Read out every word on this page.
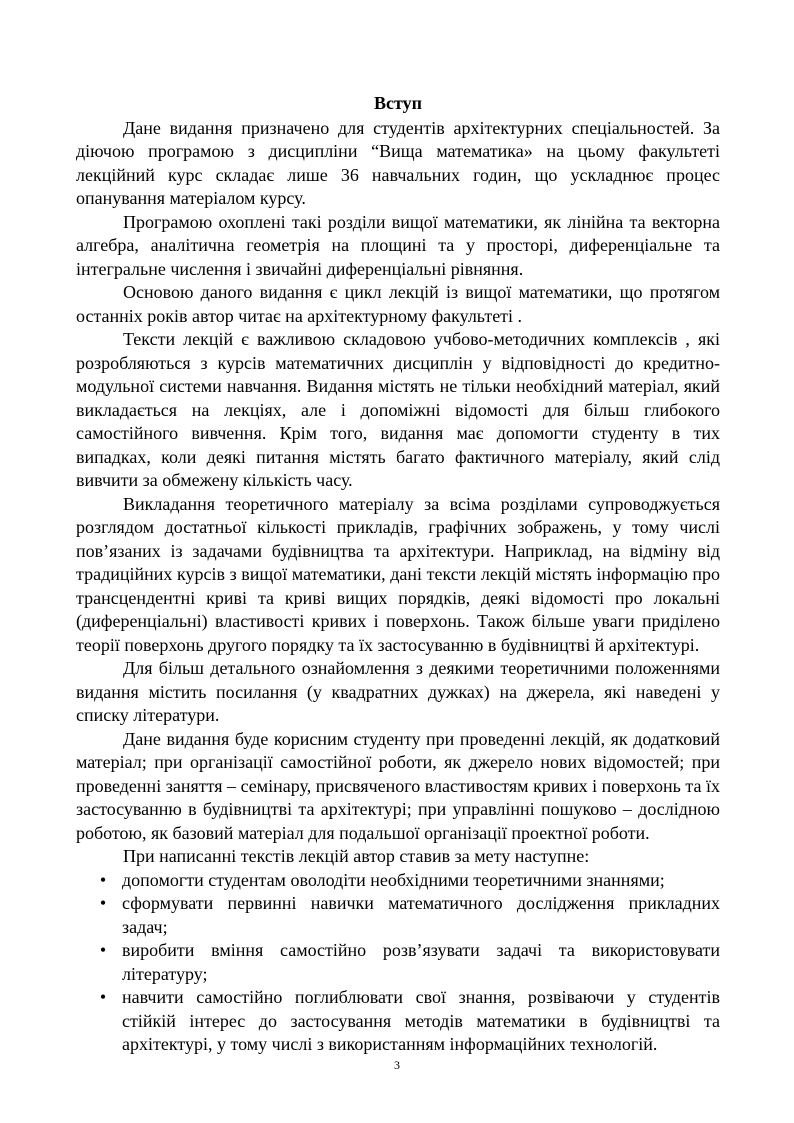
Вступ

Дане видання призначено для студентів архітектурних спеціальностей. За діючою програмою з дисципліни “Вища математика» на цьому факультеті лекційний курс складає лише 36 навчальних годин, що ускладнює процес опанування матеріалом курсу.

Програмою охоплені такі розділи вищої математики, як лінійна та векторна алгебра, аналітична геометрія на площині та у просторі, диференціальне та інтегральне числення і звичайні диференціальні рівняння.

Основою даного видання є цикл лекцій із вищої математики, що протягом останніх років автор читає на архітектурному факультеті .

Тексти лекцій є важливою складовою учбово-методичних комплексів , які розробляються з курсів математичних дисциплін у відповідності до кредитно-модульної системи навчання. Видання містять не тільки необхідний матеріал, який викладається на лекціях, але і допоміжні відомості для більш глибокого самостійного вивчення. Крім того, видання має допомогти студенту в тих випадках, коли деякі питання містять багато фактичного матеріалу, який слід вивчити за обмежену кількість часу.

Викладання теоретичного матеріалу за всіма розділами супроводжується розглядом достатньої кількості прикладів, графічних зображень, у тому числі пов’язаних із задачами будівництва та архітектури. Наприклад, на відміну від традиційних курсів з вищої математики, дані тексти лекцій містять інформацію про трансцендентні криві та криві вищих порядків, деякі відомості про локальні (диференціальні) властивості кривих і поверхонь. Також більше уваги приділено теорії поверхонь другого порядку та їх застосуванню в будівництві й архітектурі.

Для більш детального ознайомлення з деякими теоретичними положеннями видання містить посилання (у квадратних дужках) на джерела, які наведені у списку літератури.

Дане видання буде корисним студенту при проведенні лекцій, як додатковий матеріал; при організації самостійної роботи, як джерело нових відомостей; при проведенні заняття – семінару, присвяченого властивостям кривих і поверхонь та їх застосуванню в будівництві та архітектурі; при управлінні пошуково – дослідною роботою, як базовий матеріал для подальшої організації проектної роботи.

При написанні текстів лекцій автор ставив за мету наступне:

• допомогти студентам оволодіти необхідними теоретичними знаннями;
• сформувати первинні навички математичного дослідження прикладних задач;
• виробити вміння самостійно розв’язувати задачі та використовувати літературу;
• навчити самостійно поглиблювати свої знання, розвіваючи у студентів стійкій інтерес до застосування методів математики в будівництві та архітектурі, у тому числі з використанням інформаційних технологій.
3
